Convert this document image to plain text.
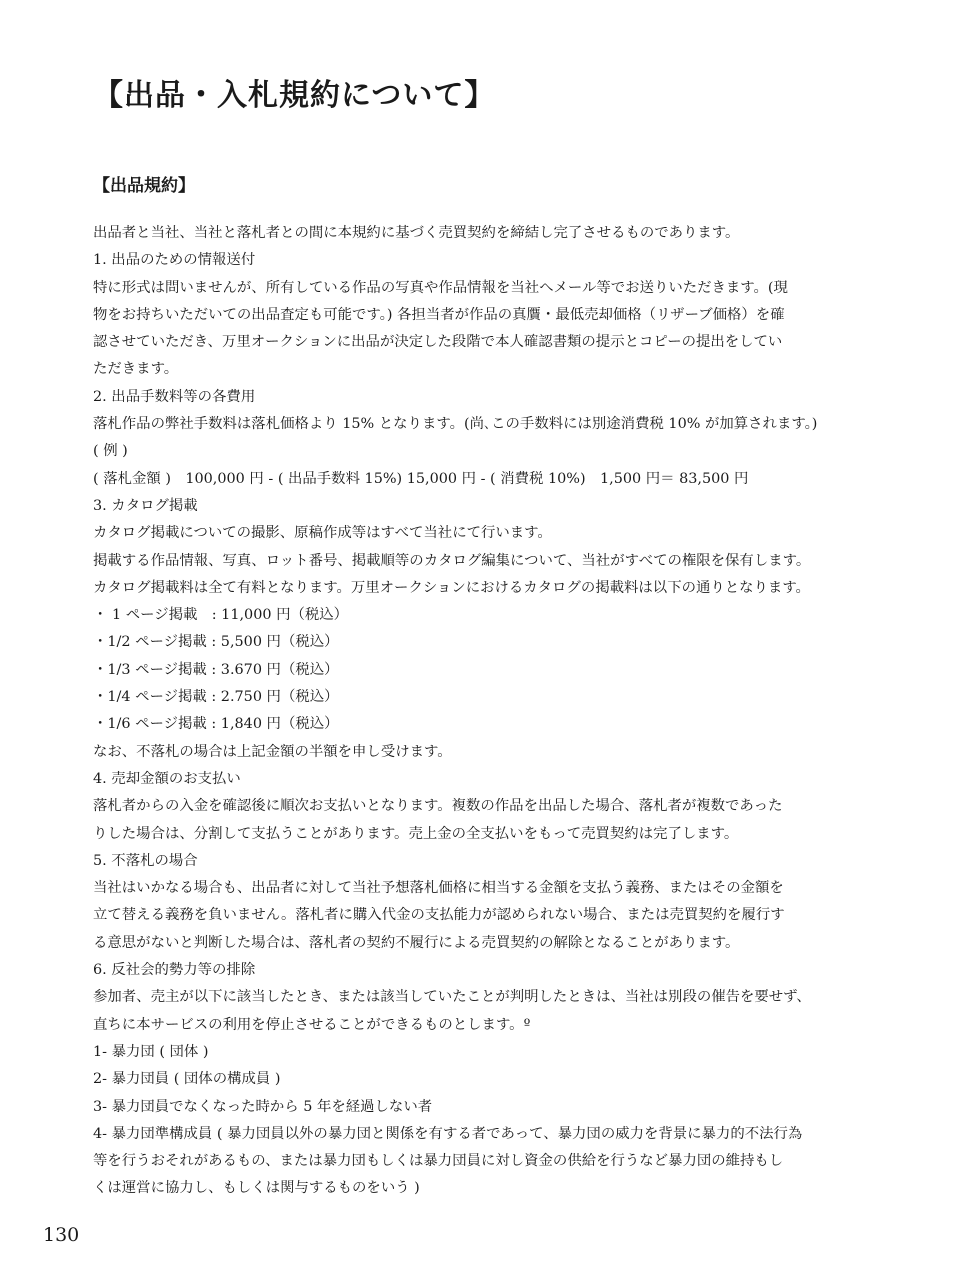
【出品・入札規約について】
【出品規約】
出品者と当社、当社と落札者との間に本規約に基づく売買契約を締結し完了させるものであります。
1. 出品のための情報送付
特に形式は問いませんが、所有している作品の写真や作品情報を当社へメール等でお送りいただきます。(現
物をお持ちいただいての出品査定も可能です。) 各担当者が作品の真贋・最低売却価格（リザーブ価格）を確
認させていただき、万里オークションに出品が決定した段階で本人確認書類の提示とコピーの提出をしてい
ただきます。
2. 出品手数料等の各費用
落札作品の弊社手数料は落札価格より 15% となります。(尚､この手数料には別途消費税 10% が加算されます。)
( 例 )
( 落札金額 )　100,000 円 - ( 出品手数料 15%) 15,000 円 - ( 消費税 10%)　1,500 円＝ 83,500 円
3. カタログ掲載
カタログ掲載についての撮影、原稿作成等はすべて当社にて行います。
掲載する作品情報、写真、ロット番号、掲載順等のカタログ編集について、当社がすべての権限を保有します。
カタログ掲載料は全て有料となります。万里オークションにおけるカタログの掲載料は以下の通りとなります。
・ 1 ページ掲載　: 11,000 円（税込）
・1/2 ページ掲載 : 5,500 円（税込）
・1/3 ページ掲載 : 3.670 円（税込）
・1/4 ページ掲載 : 2.750 円（税込）
・1/6 ページ掲載 : 1,840 円（税込）
なお、不落札の場合は上記金額の半額を申し受けます。
4. 売却金額のお支払い
落札者からの入金を確認後に順次お支払いとなります。複数の作品を出品した場合、落札者が複数であった
りした場合は、分割して支払うことがあります。売上金の全支払いをもって売買契約は完了します。
5. 不落札の場合
当社はいかなる場合も、出品者に対して当社予想落札価格に相当する金額を支払う義務、またはその金額を
立て替える義務を負いません。落札者に購入代金の支払能力が認められない場合、または売買契約を履行す
る意思がないと判断した場合は、落札者の契約不履行による売買契約の解除となることがあります。
6. 反社会的勢力等の排除
参加者、売主が以下に該当したとき、または該当していたことが判明したときは、当社は別段の催告を要せず、
直ちに本サービスの利用を停止させることができるものとします。º
1- 暴力団 ( 団体 )
2- 暴力団員 ( 団体の構成員 )
3- 暴力団員でなくなった時から 5 年を経過しない者
4- 暴力団準構成員 ( 暴力団員以外の暴力団と関係を有する者であって、暴力団の威力を背景に暴力的不法行為
等を行うおそれがあるもの、または暴力団もしくは暴力団員に対し資金の供給を行うなど暴力団の維持もし
くは運営に協力し、もしくは関与するものをいう )
130
